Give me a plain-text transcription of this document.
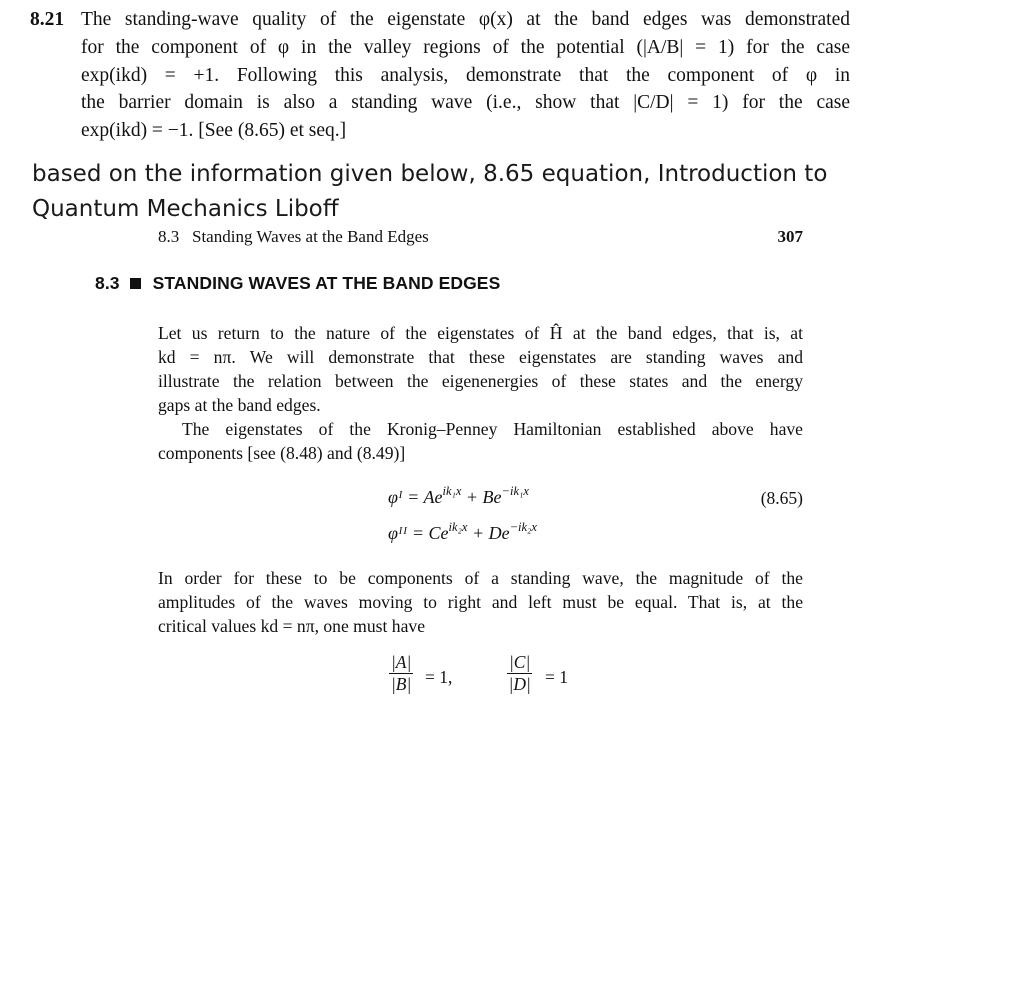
8.21 The standing-wave quality of the eigenstate φ(x) at the band edges was demonstrated
for the component of φ in the valley regions of the potential (|A/B| = 1) for the case
exp(ikd) = +1. Following this analysis, demonstrate that the component of φ in
the barrier domain is also a standing wave (i.e., show that |C/D| = 1) for the case
exp(ikd) = −1. [See (8.65) et seq.]
based on the information given below, 8.65 equation, Introduction to
Quantum Mechanics Liboff
8.3   Standing Waves at the Band Edges	307
8.3 STANDING WAVES AT THE BAND EDGES
Let us return to the nature of the eigenstates of Ĥ at the band edges, that is, at
kd = nπ. We will demonstrate that these eigenstates are standing waves and
illustrate the relation between the eigenenergies of these states and the energy
gaps at the band edges.
The eigenstates of the Kronig–Penney Hamiltonian established above have
components [see (8.48) and (8.49)]
φᴵ = $Ae^{ik_1x} + Be^{-ik_1x}$
φᴵᴵ = $Ce^{ik_2x} + De^{-ik_2x}$
(8.65)
In order for these to be components of a standing wave, the magnitude of the
amplitudes of the waves moving to right and left must be equal. That is, at the
critical values kd = nπ, one must have
$\frac{|A|}{|B|} = 1$,	$\frac{|C|}{|D|} = 1$
